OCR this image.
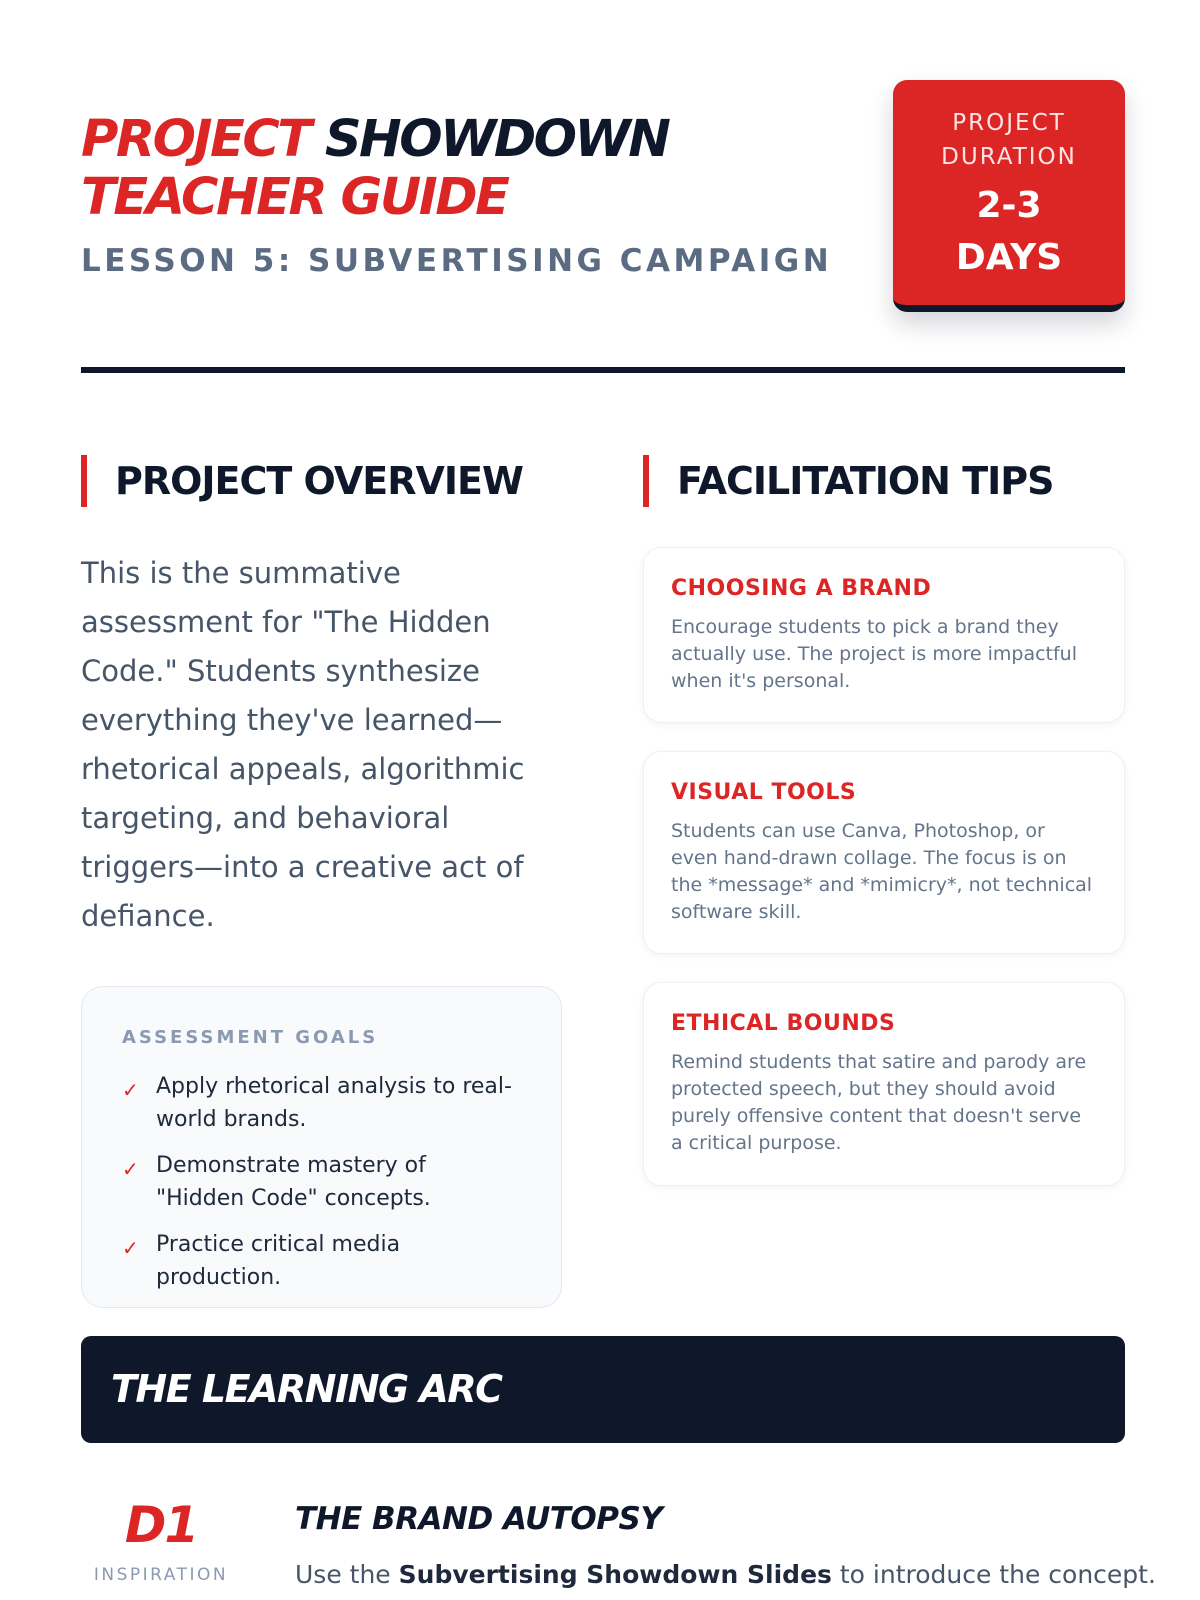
PROJECT SHOWDOWN
TEACHER GUIDE
LESSON 5: SUBVERTISING CAMPAIGN
PROJECT DURATION
2-3 DAYS
PROJECT OVERVIEW

This is the summative assessment for "The Hidden Code." Students synthesize everything they've learned—rhetorical appeals, algorithmic targeting, and behavioral triggers—into a creative act of defiance.

ASSESSMENT GOALS
✓ Apply rhetorical analysis to real-world brands.
✓ Demonstrate mastery of "Hidden Code" concepts.
✓ Practice critical media production.
FACILITATION TIPS
CHOOSING A BRAND

Encourage students to pick a brand they actually use. The project is more impactful when it's personal.

VISUAL TOOLS

Students can use Canva, Photoshop, or even hand-drawn collage. The focus is on the *message* and *mimicry*, not technical software skill.

ETHICAL BOUNDS

Remind students that satire and parody are protected speech, but they should avoid purely offensive content that doesn't serve a critical purpose.

THE LEARNING ARC
D1
INSPIRATION
THE BRAND AUTOPSY
Use the Subvertising Showdown Slides to introduce the concept.
